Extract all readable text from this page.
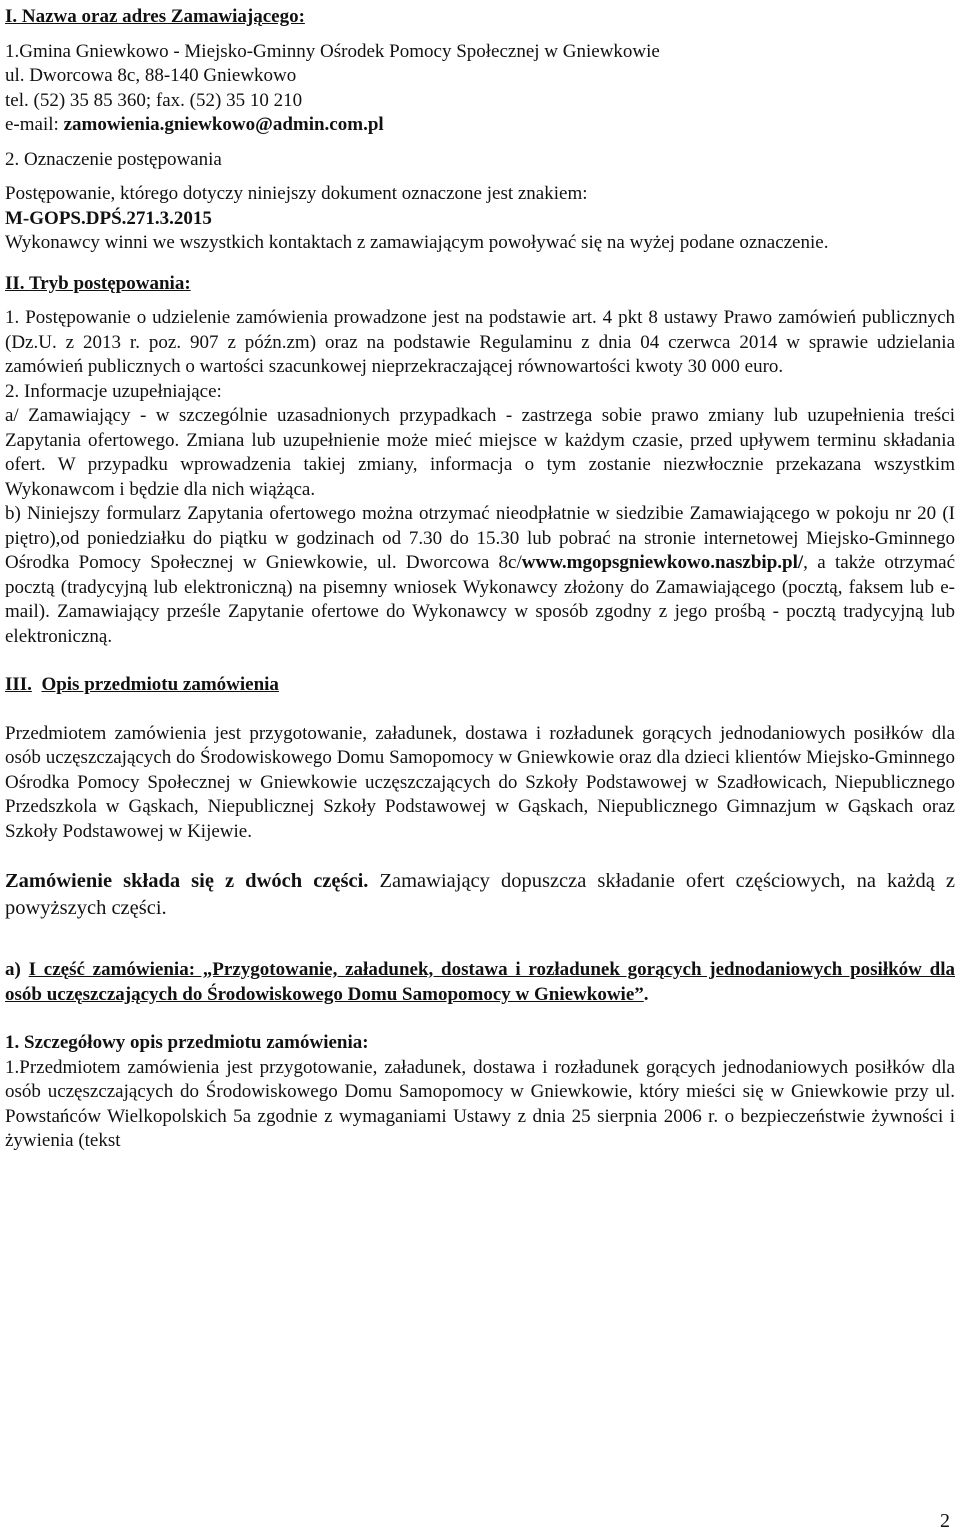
I. Nazwa oraz adres Zamawiającego:

1.Gmina Gniewkowo - Miejsko-Gminny Ośrodek Pomocy Społecznej w Gniewkowie

ul. Dworcowa 8c, 88-140 Gniewkowo

tel. (52) 35 85 360; fax. (52) 35 10 210

e-mail: zamowienia.gniewkowo@admin.com.pl

2. Oznaczenie postępowania

Postępowanie, którego dotyczy niniejszy dokument oznaczone jest znakiem:

M-GOPS.DPŚ.271.3.2015

Wykonawcy winni we wszystkich kontaktach z zamawiającym powoływać się na wyżej podane oznaczenie.

II. Tryb postępowania:

1. Postępowanie o udzielenie zamówienia prowadzone jest na podstawie art. 4 pkt 8 ustawy Prawo zamówień publicznych (Dz.U. z 2013 r. poz. 907 z późn.zm) oraz na podstawie Regulaminu z dnia 04 czerwca 2014 w sprawie udzielania zamówień publicznych o wartości szacunkowej nieprzekraczającej równowartości kwoty 30 000 euro.

2. Informacje uzupełniające:

a/ Zamawiający - w szczególnie uzasadnionych przypadkach - zastrzega sobie prawo zmiany lub uzupełnienia treści Zapytania ofertowego. Zmiana lub uzupełnienie może mieć miejsce w każdym czasie, przed upływem terminu składania ofert. W przypadku wprowadzenia takiej zmiany, informacja o tym zostanie niezwłocznie przekazana wszystkim Wykonawcom i będzie dla nich wiążąca.

b) Niniejszy formularz Zapytania ofertowego można otrzymać nieodpłatnie w siedzibie Zamawiającego w pokoju nr 20 (I piętro),od poniedziałku do piątku w godzinach od 7.30 do 15.30 lub pobrać na stronie internetowej Miejsko-Gminnego Ośrodka Pomocy Społecznej w Gniewkowie, ul. Dworcowa 8c/www.mgopsgniewkowo.naszbip.pl/, a także otrzymać pocztą (tradycyjną lub elektroniczną) na pisemny wniosek Wykonawcy złożony do Zamawiającego (pocztą, faksem lub e-mail). Zamawiający prześle Zapytanie ofertowe do Wykonawcy w sposób zgodny z jego prośbą - pocztą tradycyjną lub elektroniczną.

III. Opis przedmiotu zamówienia

Przedmiotem zamówienia jest przygotowanie, załadunek, dostawa i rozładunek gorących jednodaniowych posiłków dla osób uczęszczających do Środowiskowego Domu Samopomocy w Gniewkowie oraz dla dzieci klientów Miejsko-Gminnego Ośrodka Pomocy Społecznej w Gniewkowie uczęszczających do Szkoły Podstawowej w Szadłowicach, Niepublicznego Przedszkola w Gąskach, Niepublicznej Szkoły Podstawowej w Gąskach, Niepublicznego Gimnazjum w Gąskach oraz Szkoły Podstawowej w Kijewie.

Zamówienie składa się z dwóch części. Zamawiający dopuszcza składanie ofert częściowych, na każdą z powyższych części.

a) I część zamówienia: „Przygotowanie, załadunek, dostawa i rozładunek gorących jednodaniowych posiłków dla osób uczęszczających do Środowiskowego Domu Samopomocy w Gniewkowie”.

1. Szczegółowy opis przedmiotu zamówienia:

1.Przedmiotem zamówienia jest przygotowanie, załadunek, dostawa i rozładunek gorących jednodaniowych posiłków dla osób uczęszczających do Środowiskowego Domu Samopomocy w Gniewkowie, który mieści się w Gniewkowie przy ul. Powstańców Wielkopolskich 5a zgodnie z wymaganiami Ustawy z dnia 25 sierpnia 2006 r. o bezpieczeństwie żywności i żywienia (tekst

2
